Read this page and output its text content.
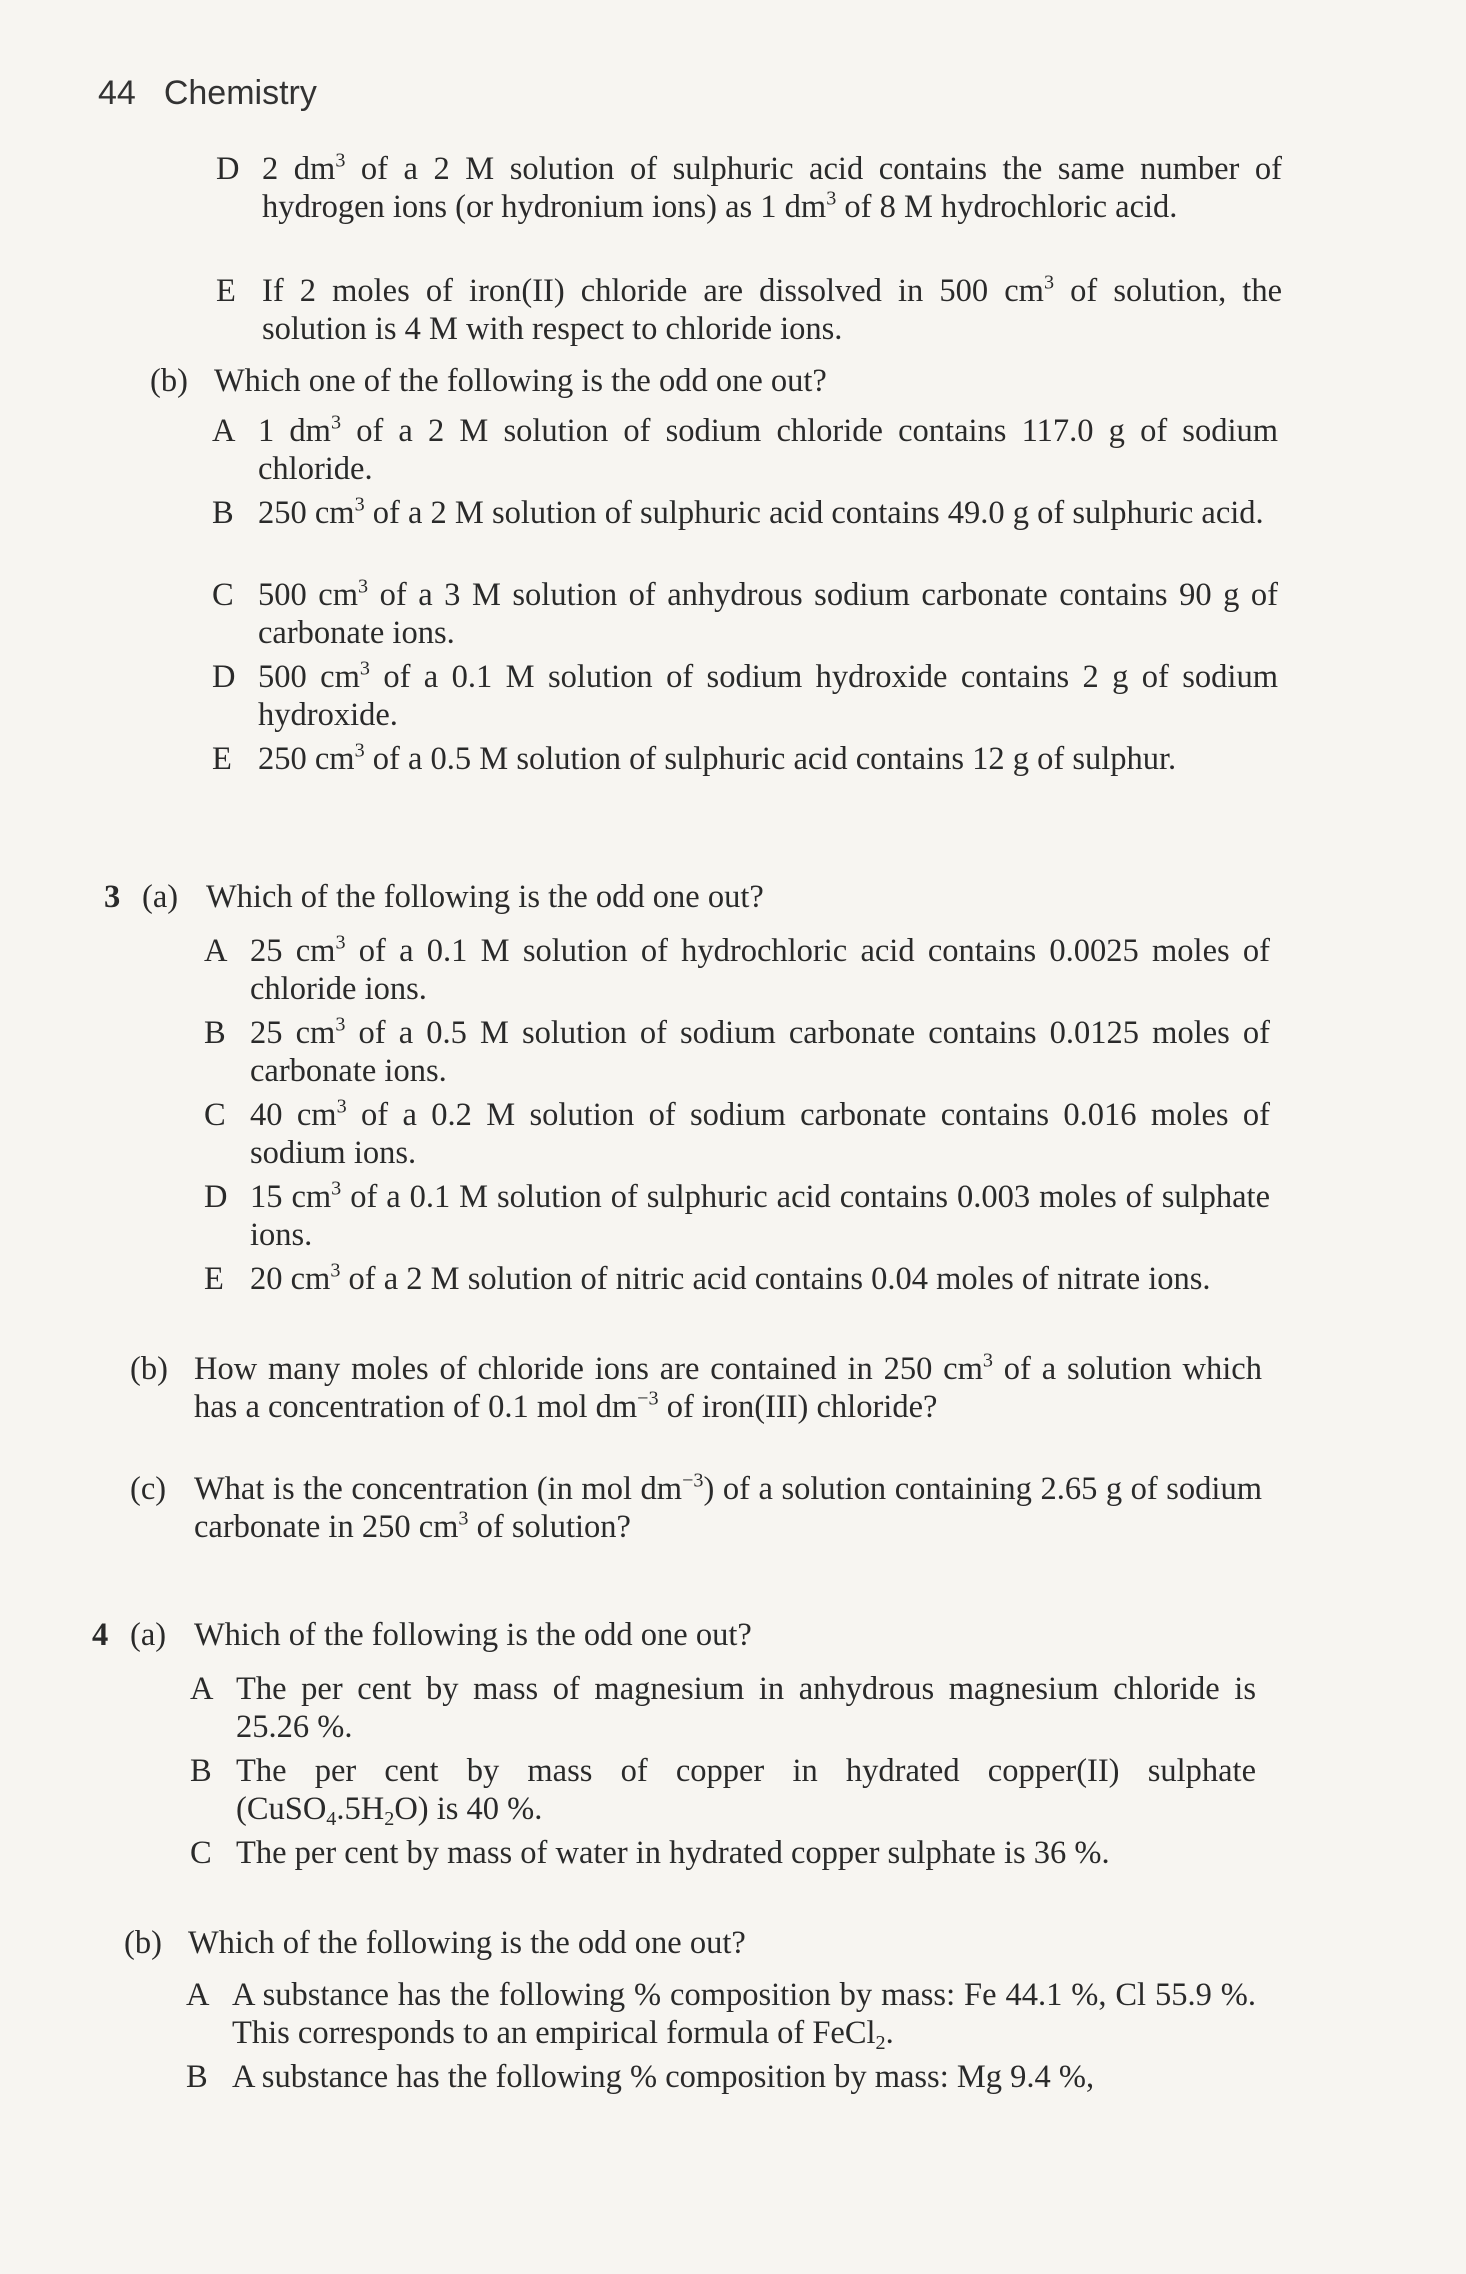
44 Chemistry
D 2 $dm^3$ of a 2 M solution of sulphuric acid contains the same number of hydrogen ions (or hydronium ions) as 1 $dm^3$ of 8 M hydrochloric acid.
E If 2 moles of iron(II) chloride are dissolved in 500 $cm^3$ of solution, the solution is 4 M with respect to chloride ions.
(b) Which one of the following is the odd one out?
A 1 $dm^3$ of a 2 M solution of sodium chloride contains 117.0 g of sodium chloride.
B 250 $cm^3$ of a 2 M solution of sulphuric acid contains 49.0 g of sulphuric acid.
C 500 $cm^3$ of a 3 M solution of anhydrous sodium carbonate contains 90 g of carbonate ions.
D 500 $cm^3$ of a 0.1 M solution of sodium hydroxide contains 2 g of sodium hydroxide.
E 250 $cm^3$ of a 0.5 M solution of sulphuric acid contains 12 g of sulphur.
3 (a) Which of the following is the odd one out?
A 25 $cm^3$ of a 0.1 M solution of hydrochloric acid contains 0.0025 moles of chloride ions.
B 25 $cm^3$ of a 0.5 M solution of sodium carbonate contains 0.0125 moles of carbonate ions.
C 40 $cm^3$ of a 0.2 M solution of sodium carbonate contains 0.016 moles of sodium ions.
D 15 $cm^3$ of a 0.1 M solution of sulphuric acid contains 0.003 moles of sulphate ions.
E 20 $cm^3$ of a 2 M solution of nitric acid contains 0.04 moles of nitrate ions.
(b) How many moles of chloride ions are contained in 250 $cm^3$ of a solution which has a concentration of 0.1 mol $dm^{-3}$ of iron(III) chloride?
(c) What is the concentration (in mol $dm^{-3}$) of a solution containing 2.65 g of sodium carbonate in 250 $cm^3$ of solution?
4 (a) Which of the following is the odd one out?
A The per cent by mass of magnesium in anhydrous magnesium chloride is 25.26 %.
B The per cent by mass of copper in hydrated copper(II) sulphate $(CuSO_4.5H_2O)$ is 40 %.
C The per cent by mass of water in hydrated copper sulphate is 36 %.
(b) Which of the following is the odd one out?
A A substance has the following % composition by mass: Fe 44.1 %, Cl 55.9 %. This corresponds to an empirical formula of FeCl$_2$.
B A substance has the following % composition by mass: Mg 9.4 %,
